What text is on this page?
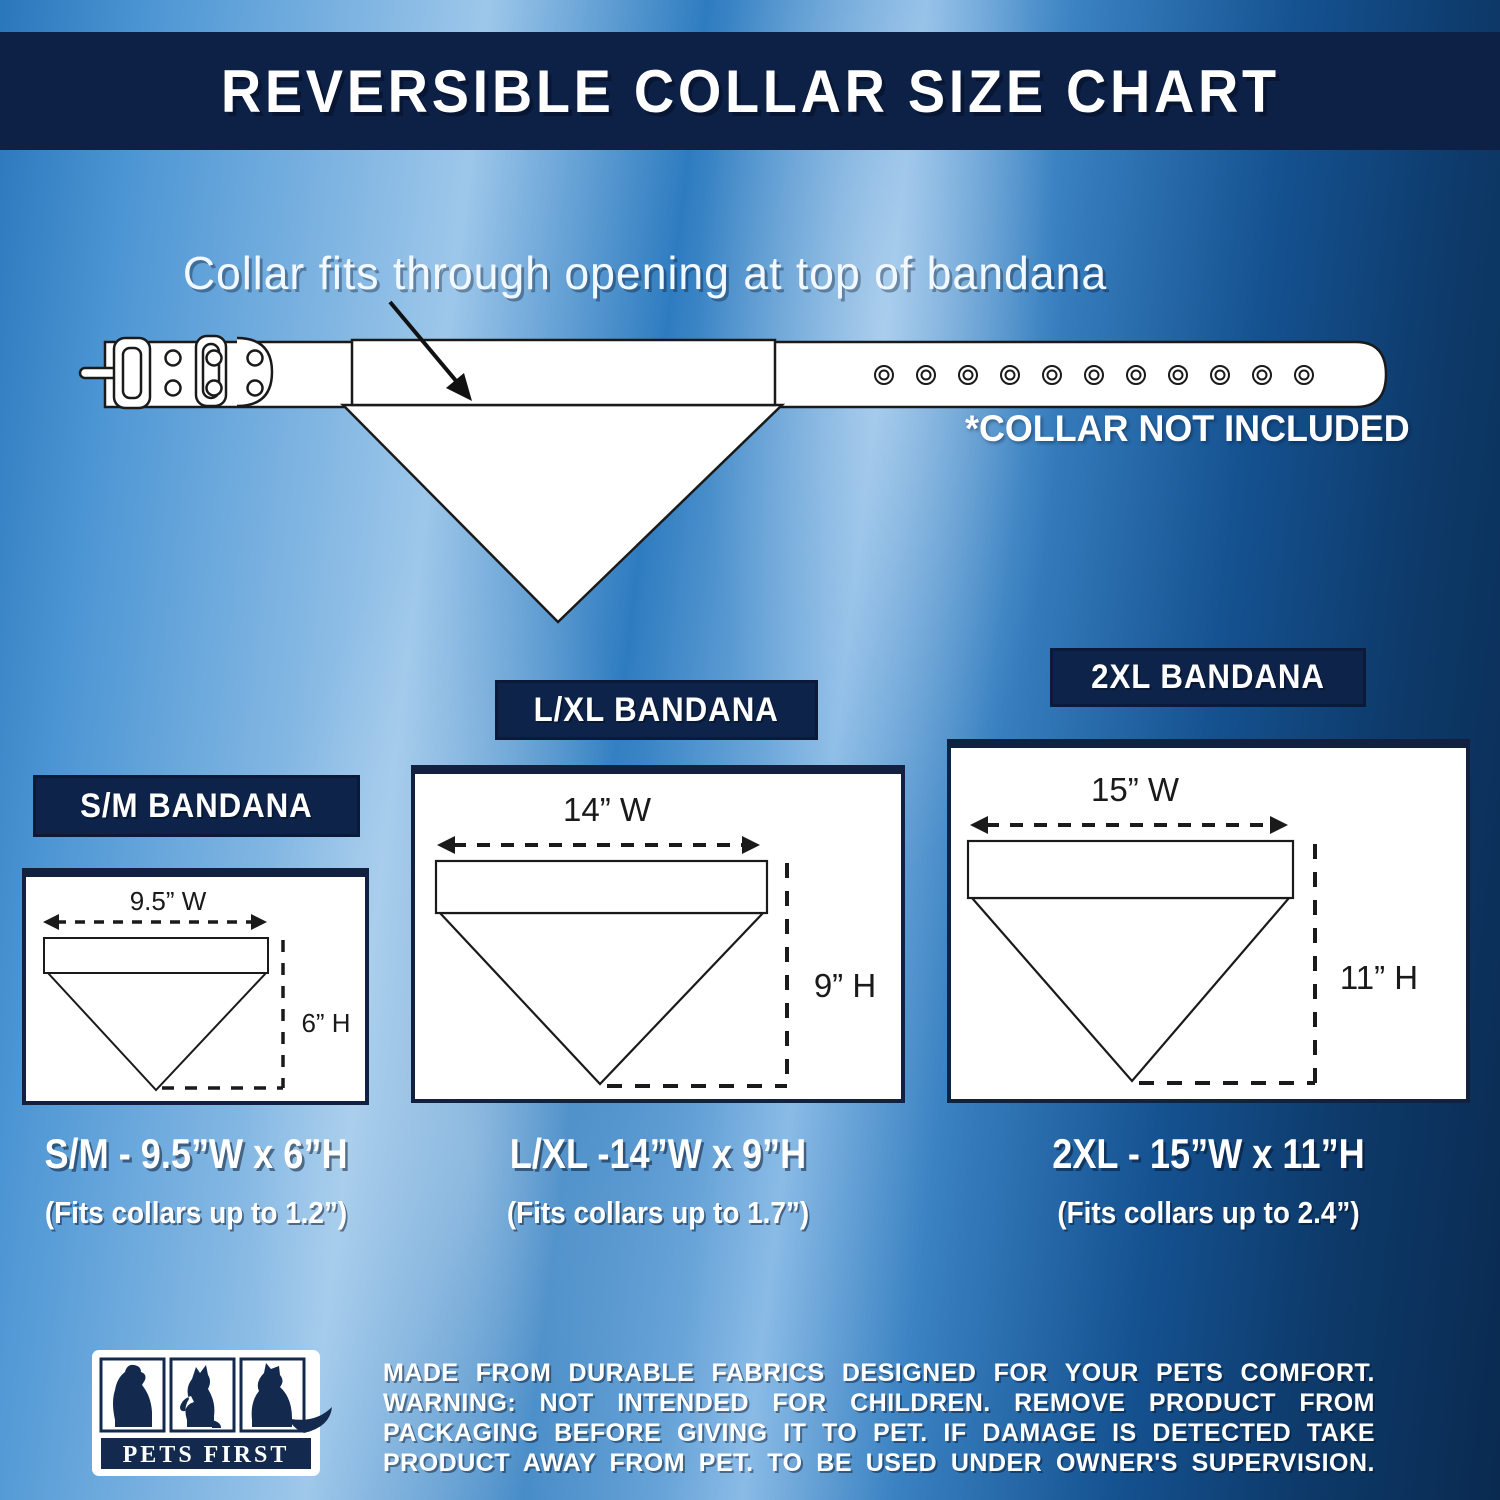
REVERSIBLE COLLAR SIZE CHART
Collar fits through opening at top of bandana
*COLLAR NOT INCLUDED
S/M BANDANA
9.5” W
6” H
S/M - 9.5”W x 6”H
(Fits collars up to 1.2”)
L/XL BANDANA
14” W
9” H
L/XL -14”W x 9”H
(Fits collars up to 1.7”)
2XL BANDANA
15” W
11” H
2XL - 15”W x 11”H
(Fits collars up to 2.4”)
PETS FIRST
MADE FROM DURABLE FABRICS DESIGNED FOR YOUR PETS COMFORT.
WARNING: NOT INTENDED FOR CHILDREN. REMOVE PRODUCT FROM
PACKAGING BEFORE GIVING IT TO PET. IF DAMAGE IS DETECTED TAKE
PRODUCT AWAY FROM PET. TO BE USED UNDER OWNER'S SUPERVISION.
